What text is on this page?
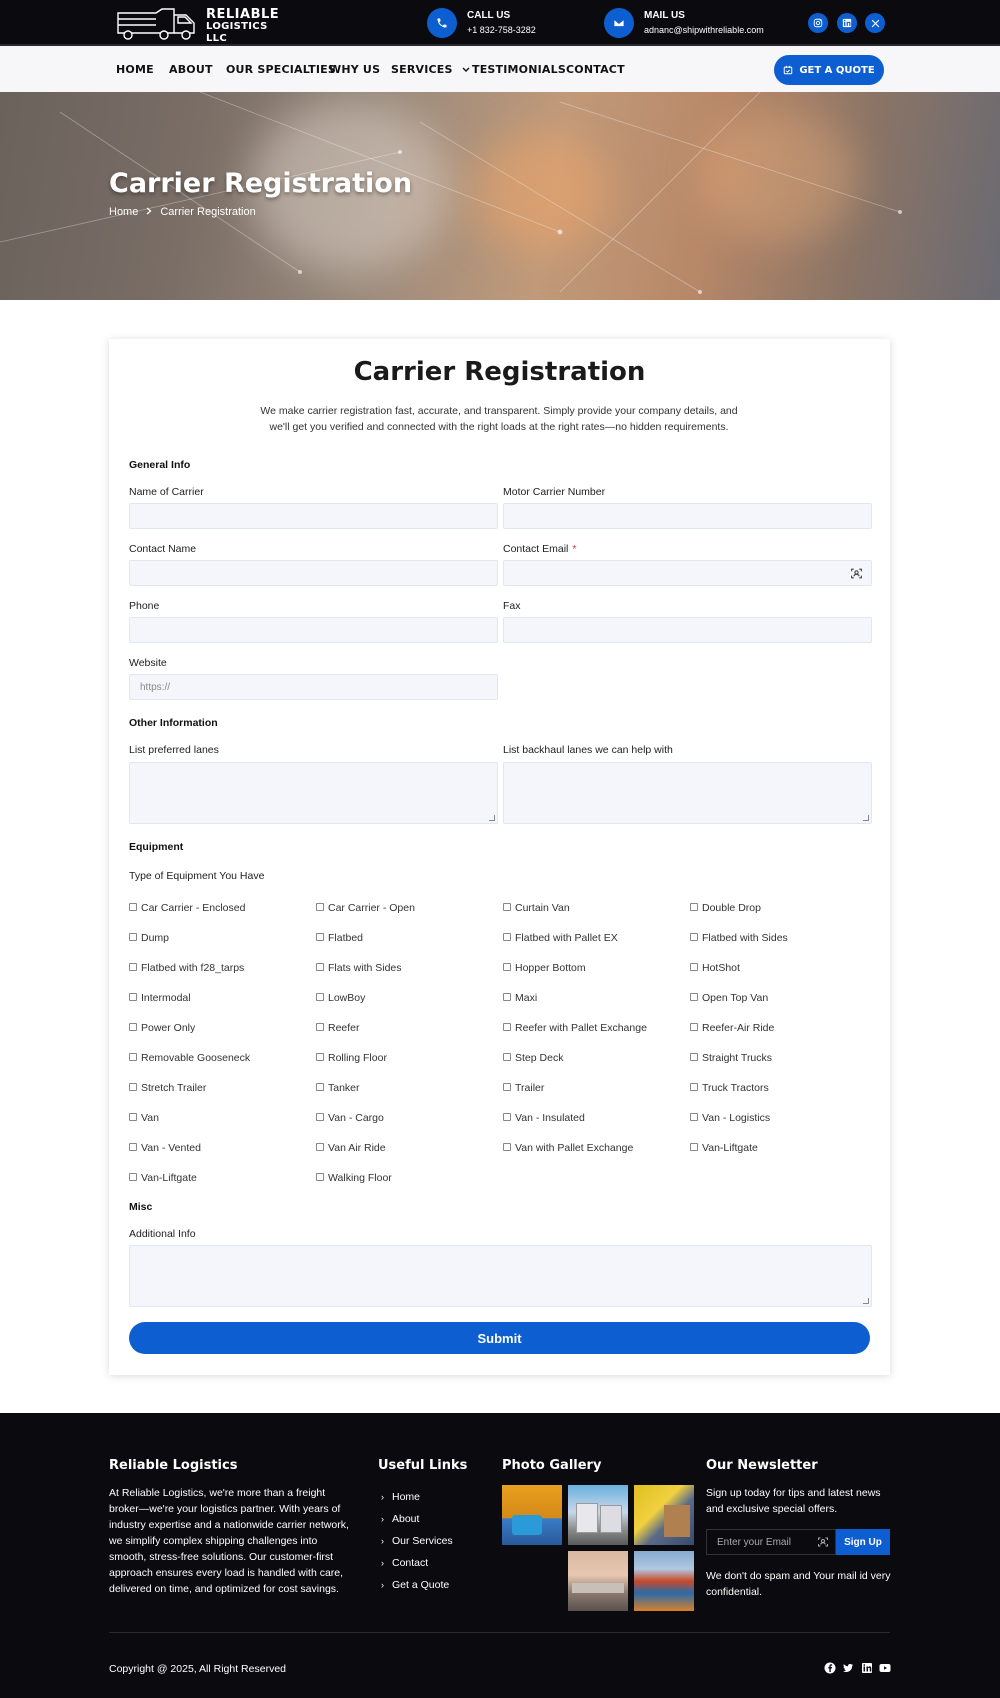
RELIABLE
LOGISTICS LLC
CALL US
+1 832-758-3282
MAIL US
adnanc@shipwithreliable.com
HOME ABOUT OUR SPECIALTIES
WHY US SERVICES	TESTIMONIALS CONTACT	GET A QUOTE
Carrier Registration
Home Carrier Registration
Carrier Registration
We make carrier registration fast, accurate, and transparent. Simply provide your company details, and we'll get you verified and connected with the right loads at the right rates—no hidden requirements.
General Info
Name of Carrier	Motor Carrier Number
Contact Name	Contact Email *
Phone	Fax
Website
https://
Other Information
List preferred lanes	List backhaul lanes we can help with
Equipment
Type of Equipment You Have
Car Carrier - Enclosed	Car Carrier - Open	Curtain Van	Double Drop
Dump	Flatbed	Flatbed with Pallet EX	Flatbed with Sides
Flatbed with f28_tarps	Flats with Sides	Hopper Bottom	HotShot
Intermodal	LowBoy	Maxi	Open Top Van
Power Only	Reefer	Reefer with Pallet Exchange	Reefer-Air Ride
Removable Gooseneck	Rolling Floor	Step Deck	Straight Trucks
Stretch Trailer	Tanker	Trailer	Truck Tractors
Van	Van - Cargo	Van - Insulated	Van - Logistics
Van - Vented	Van Air Ride	Van with Pallet Exchange	Van-Liftgate
Van-Liftgate	Walking Floor
Misc
Additional Info
Submit
Reliable Logistics
At Reliable Logistics, we're more than a freight broker—we're your logistics partner. With years of industry expertise and a nationwide carrier network, we simplify complex shipping challenges into smooth, stress-free solutions. Our customer-first approach ensures every load is handled with care, delivered on time, and optimized for cost savings.
Useful Links
› Home
› About
› Our Services
› Contact
› Get a Quote
Photo Gallery	Our Newsletter
Sign up today for tips and latest news and exclusive special offers.
Enter your Email	Sign Up
We don't do spam and Your mail id very confidential.
Copyright @ 2025, All Right Reserved
